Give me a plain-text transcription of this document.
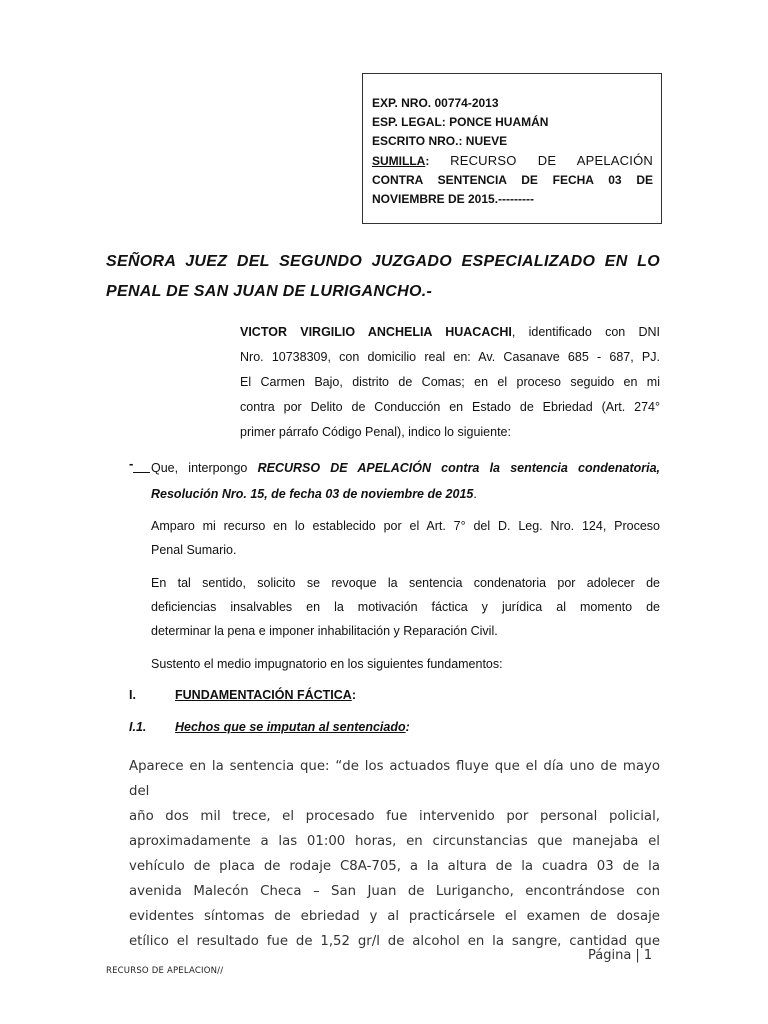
EXP. NRO. 00774-2013
ESP. LEGAL: PONCE HUAMÁN
ESCRITO NRO.: NUEVE
SUMILLA: RECURSO DE APELACIÓN
CONTRA SENTENCIA DE FECHA 03 DE
NOVIEMBRE DE 2015.---------
SEÑORA JUEZ DEL SEGUNDO JUZGADO ESPECIALIZADO EN LO
PENAL DE SAN JUAN DE LURIGANCHO.-
VICTOR VIRGILIO ANCHELIA HUACACHI, identificado con DNI
Nro. 10738309, con domicilio real en: Av. Casanave 685 - 687, PJ.
El Carmen Bajo, distrito de Comas; en el proceso seguido en mi
contra por Delito de Conducción en Estado de Ebriedad (Art. 274°
primer párrafo Código Penal), indico lo siguiente:
- Que, interpongo RECURSO DE APELACIÓN contra la sentencia condenatoria,
Resolución Nro. 15, de fecha 03 de noviembre de 2015.
Amparo mi recurso en lo establecido por el Art. 7° del D. Leg. Nro. 124, Proceso
Penal Sumario.
En tal sentido, solicito se revoque la sentencia condenatoria por adolecer de
deficiencias insalvables en la motivación fáctica y jurídica al momento de
determinar la pena e imponer inhabilitación y Reparación Civil.
Sustento el medio impugnatorio en los siguientes fundamentos:
I.	FUNDAMENTACIÓN FÁCTICA:
I.1. Hechos que se imputan al sentenciado:
Aparece en la sentencia que: “de los actuados fluye que el día uno de mayo del
año dos mil trece, el procesado fue intervenido por personal policial,
aproximadamente a las 01:00 horas, en circunstancias que manejaba el
vehículo de placa de rodaje C8A-705, a la altura de la cuadra 03 de la
avenida Malecón Checa – San Juan de Lurigancho, encontrándose con
evidentes síntomas de ebriedad y al practicársele el examen de dosaje
etílico el resultado fue de 1,52 gr/l de alcohol en la sangre, cantidad que
Página | 1
RECURSO DE APELACION//
